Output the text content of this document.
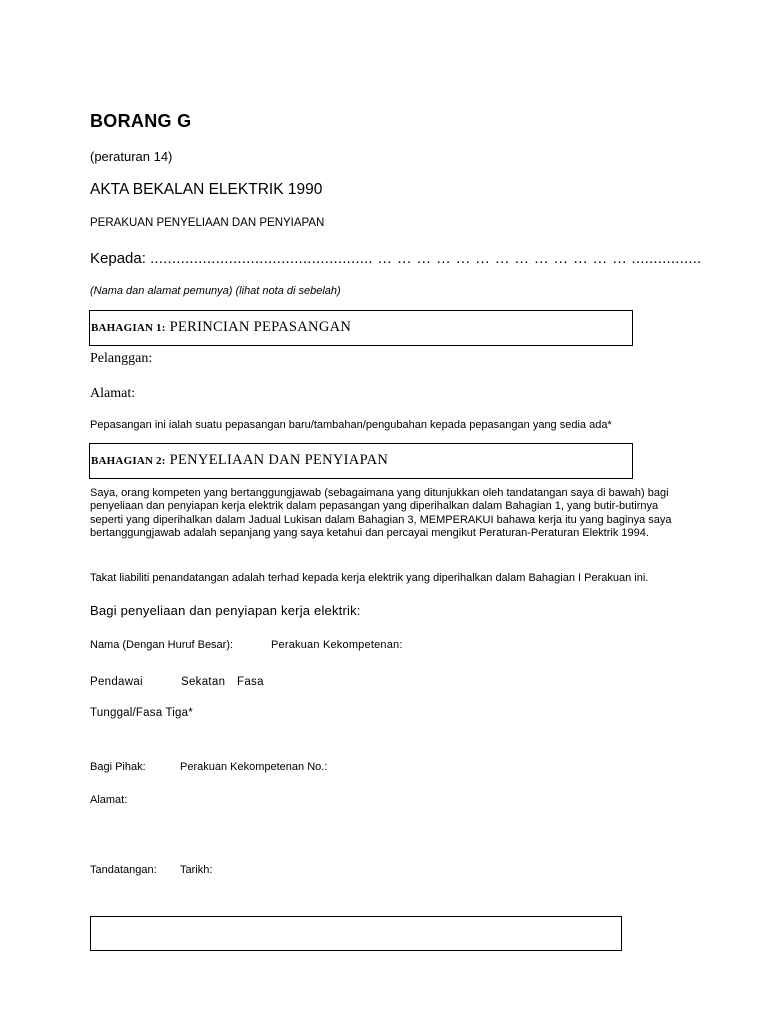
BORANG G
(peraturan 14)
AKTA BEKALAN ELEKTRIK 1990
PERAKUAN PENYELIAAN DAN PENYIAPAN
Kepada: ................................................... … … … … … … … … … … … … … ................
(Nama dan alamat pemunya) (lihat nota di sebelah)
BAHAGIAN 1: PERINCIAN PEPASANGAN
Pelanggan:
Alamat:
Pepasangan ini ialah suatu pepasangan baru/tambahan/pengubahan kepada pepasangan yang sedia ada*
BAHAGIAN 2: PENYELIAAN DAN PENYIAPAN
Saya, orang kompeten yang bertanggungjawab (sebagaimana yang ditunjukkan oleh tandatangan saya di bawah) bagi penyeliaan dan penyiapan kerja elektrik dalam pepasangan yang diperihalkan dalam Bahagian 1, yang butir-butirnya seperti yang diperihalkan dalam Jadual Lukisan dalam Bahagian 3, MEMPERAKUI bahawa kerja itu yang baginya saya bertanggungjawab adalah sepanjang yang saya ketahui dan percayai mengikut Peraturan-Peraturan Elektrik 1994.
Takat liabiliti penandatangan adalah terhad kepada kerja elektrik yang diperihalkan dalam Bahagian I Perakuan ini.
Bagi penyeliaan dan penyiapan kerja elektrik:
Nama (Dengan Huruf Besar):	Perakuan Kekompetenan:
Pendawai	Sekatan Fasa
Tunggal/Fasa Tiga*
Bagi Pihak:	Perakuan Kekompetenan No.:
Alamat:
Tandatangan: Tarikh:
